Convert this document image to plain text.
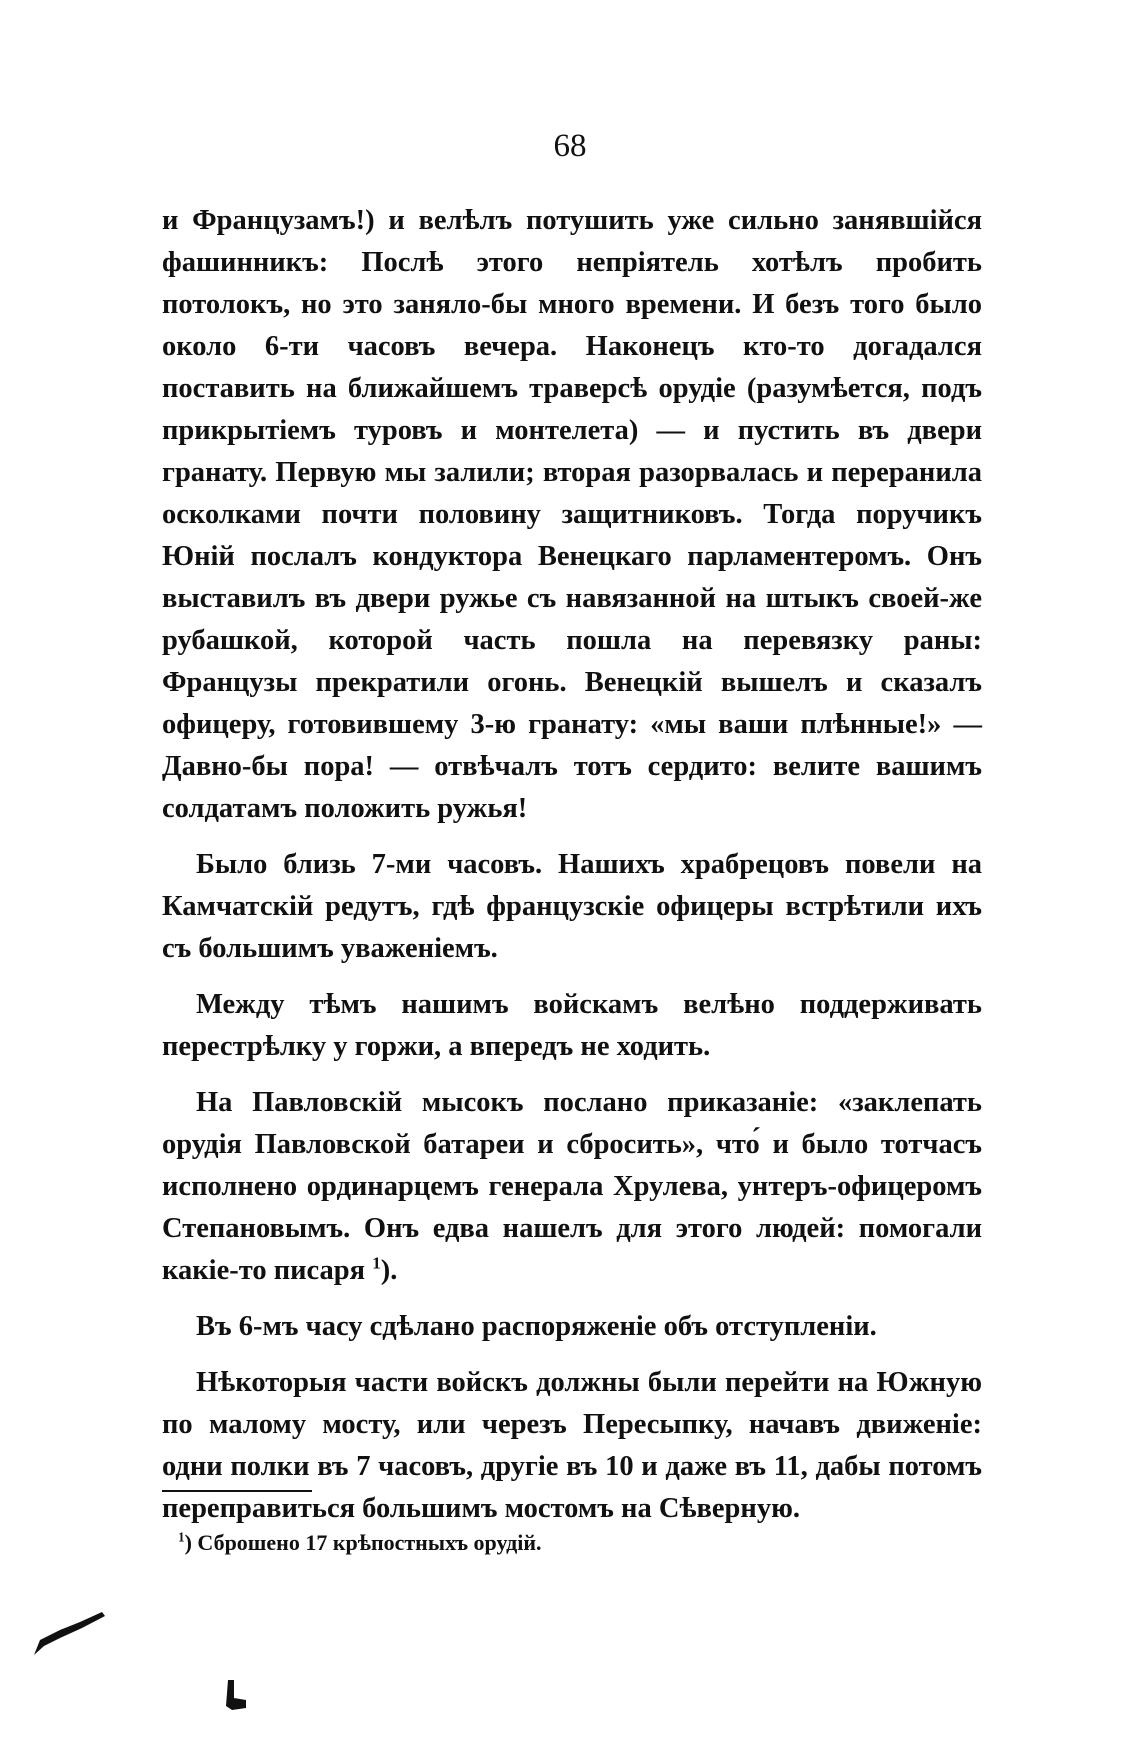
68

и Французамъ!) и велѣлъ потушить уже сильно занявшійся фашинникъ: Послѣ этого непріятель хотѣлъ пробить потолокъ, но это заняло-бы много времени. И безъ того было около 6-ти часовъ вечера. Наконецъ кто-то догадался поставить на ближайшемъ траверсѣ орудіе (разумѣется, подъ прикрытіемъ туровъ и монтелета) — и пустить въ двери гранату. Первую мы залили; вторая разорвалась и переранила осколками почти половину защитниковъ. Тогда поручикъ Юній послалъ кондуктора Венецкаго парламентеромъ. Онъ выставилъ въ двери ружье съ навязанной на штыкъ своей-же рубашкой, которой часть пошла на перевязку раны: Французы прекратили огонь. Венецкій вышелъ и сказалъ офицеру, готовившему 3-ю гранату: «мы ваши плѣнные!» — Давно-бы пора! — отвѣчалъ тотъ сердито: велите вашимъ солдатамъ положить ружья!

Было близь 7-ми часовъ. Нашихъ храбрецовъ повели на Камчатскій редутъ, гдѣ французскіе офицеры встрѣтили ихъ съ большимъ уваженіемъ.

Между тѣмъ нашимъ войскамъ велѣно поддерживать перестрѣлку у горжи, а впередъ не ходить.

На Павловскій мысокъ послано приказаніе: «заклепать орудія Павловской батареи и сбросить», что́ и было тотчасъ исполнено ординарцемъ генерала Хрулева, унтеръ-офицеромъ Степановымъ. Онъ едва нашелъ для этого людей: помогали какіе-то писаря $^1$).

Въ 6-мъ часу сдѣлано распоряженіе объ отступленіи.

Нѣкоторыя части войскъ должны были перейти на Южную по малому мосту, или черезъ Пересыпку, начавъ движеніе: одни полки въ 7 часовъ, другіе въ 10 и даже въ 11, дабы потомъ переправиться большимъ мостомъ на Сѣверную.

$^1$) Сброшено 17 крѣпостныхъ орудій.
